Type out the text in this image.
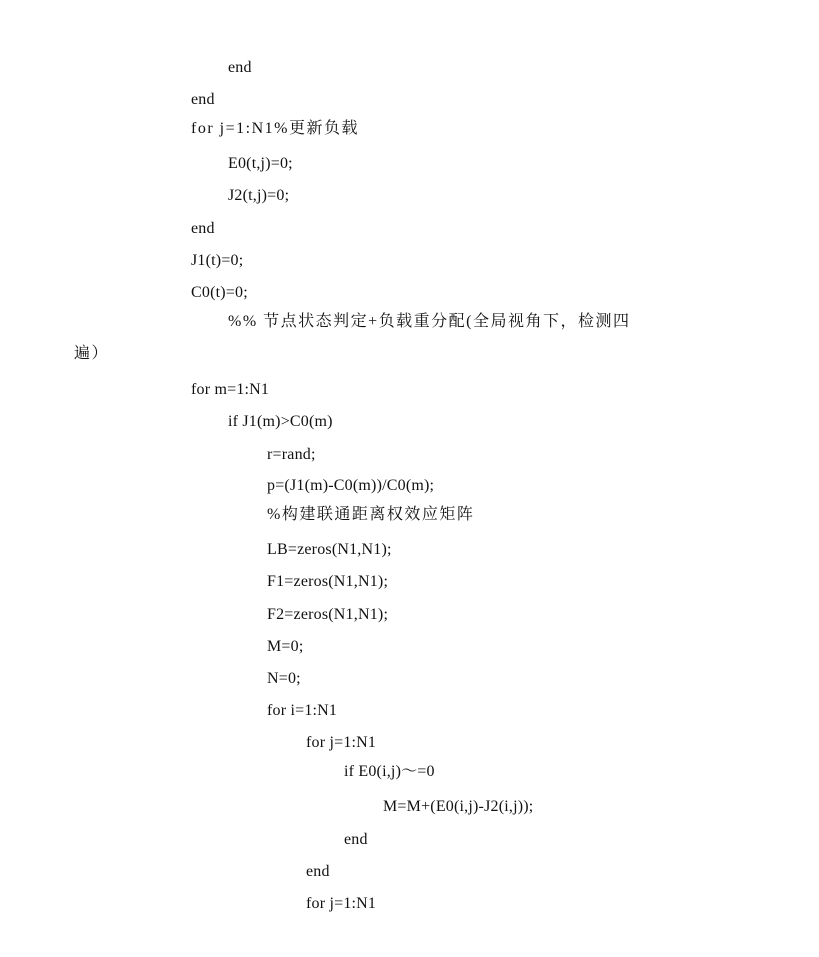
end
end
for j=1:N1%更新负载
E0(t,j)=0;
J2(t,j)=0;
end
J1(t)=0;
C0(t)=0;
%% 节点状态判定+负载重分配(全局视角下，检测四
遍）
for m=1:N1
if J1(m)>C0(m)
r=rand;
p=(J1(m)-C0(m))/C0(m);
%构建联通距离权效应矩阵
LB=zeros(N1,N1);
F1=zeros(N1,N1);
F2=zeros(N1,N1);
M=0;
N=0;
for i=1:N1
for j=1:N1
if E0(i,j)～=0
M=M+(E0(i,j)-J2(i,j));
end
end
for j=1:N1
